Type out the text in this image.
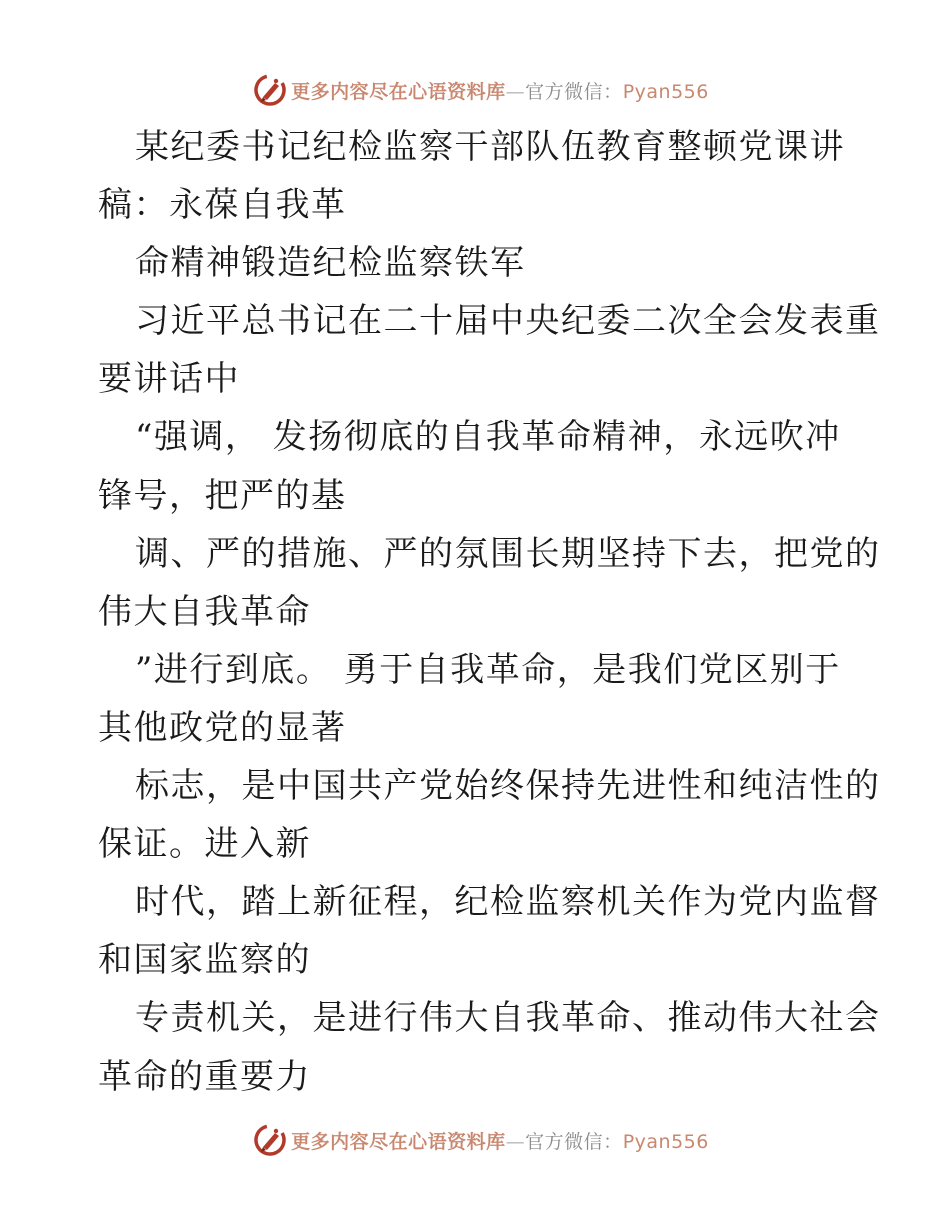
更多内容尽在心语资料库—官方微信：Pyan556
某纪委书记纪检监察干部队伍教育整顿党课讲
稿：永葆自我革
命精神锻造纪检监察铁军
习近平总书记在二十届中央纪委二次全会发表重
要讲话中
“强调， 发扬彻底的自我革命精神，永远吹冲
锋号，把严的基
调、严的措施、严的氛围长期坚持下去，把党的
伟大自我革命
”进行到底。 勇于自我革命，是我们党区别于
其他政党的显著
标志，是中国共产党始终保持先进性和纯洁性的
保证。进入新
时代，踏上新征程，纪检监察机关作为党内监督
和国家监察的
专责机关，是进行伟大自我革命、推动伟大社会
革命的重要力
更多内容尽在心语资料库—官方微信：Pyan556
